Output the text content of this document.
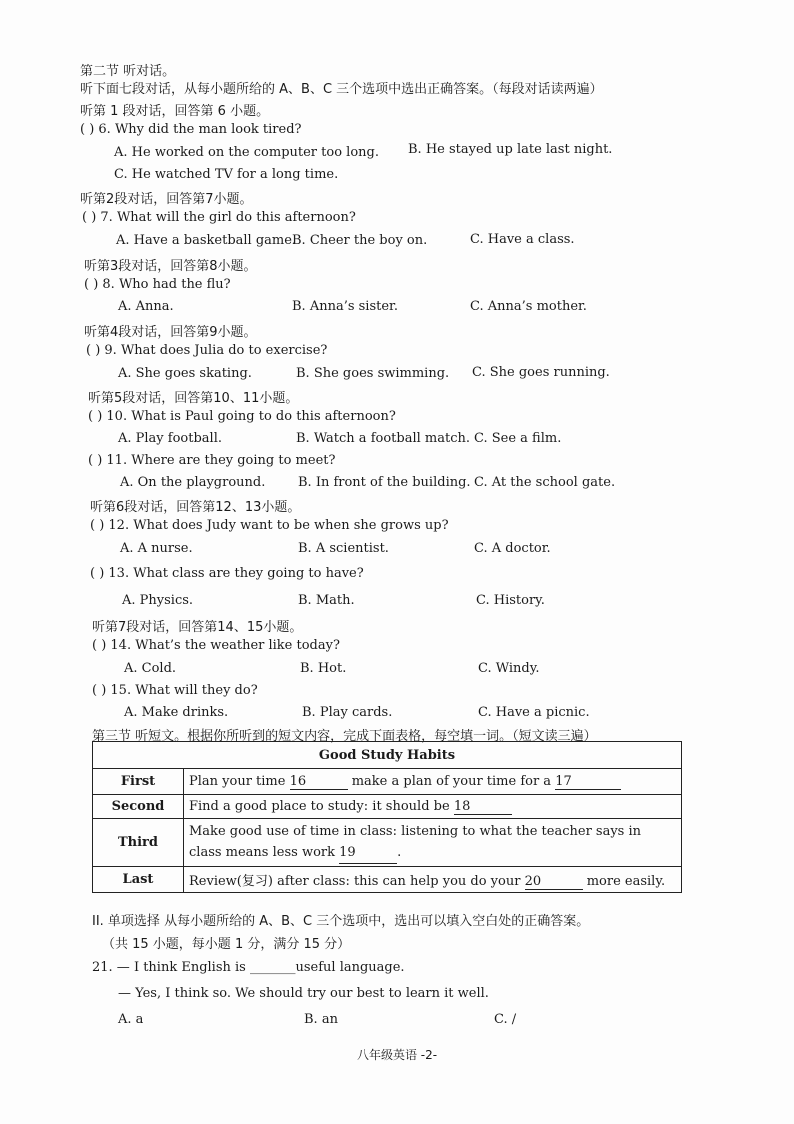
第二节 听对话。
听下面七段对话，从每小题所给的 A、B、C 三个选项中选出正确答案。（每段对话读两遍）
听第 1 段对话，回答第 6 小题。
( ) 6. Why did the man look tired?
A. He worked on the computer too long. B. He stayed up late last night.
C. He watched TV for a long time.
听第2段对话，回答第7小题。
( ) 7. What will the girl do this afternoon?
A. Have a basketball game.
B. Cheer the boy on.	C. Have a class.
听第3段对话，回答第8小题。
( ) 8. Who had the flu?
A. Anna.	B. Anna’s sister.	C. Anna’s mother.
听第4段对话，回答第9小题。
( ) 9. What does Julia do to exercise?
A. She goes skating.	B. She goes swimming. C. She goes running.
听第5段对话，回答第10、11小题。
( ) 10. What is Paul going to do this afternoon?
A. Play football.	B. Watch a football match. C. See a film.
( ) 11. Where are they going to meet?
A. On the playground.	B. In front of the building. C. At the school gate.
听第6段对话，回答第12、13小题。
( ) 12. What does Judy want to be when she grows up?
A. A nurse.	B. A scientist.	C. A doctor.
( ) 13. What class are they going to have?
A. Physics.	B. Math.	C. History.
听第7段对话，回答第14、15小题。
( ) 14. What’s the weather like today?
A. Cold.	B. Hot.	C. Windy.
( ) 15. What will they do?
A. Make drinks.	B. Play cards.	C. Have a picnic.
第三节 听短文。根据你所听到的短文内容，完成下面表格，每空填一词。（短文读三遍）
Good Study Habits	
First	Plan your time 16 make a plan of your time for a 17
Second	Find a good place to study: it should be 18
Third	Make good use of time in class: listening to what the teacher says in class means less work 19 .
Last	Review(复习) after class: this can help you do your 20 more easily.
II. 单项选择 从每小题所给的 A、B、C 三个选项中，选出可以填入空白处的正确答案。
（共 15 小题，每小题 1 分，满分 15 分）
21. — I think English is _______useful language.
— Yes, I think so. We should try our best to learn it well.
A. a	B. an	C. /
八年级英语 -2-
